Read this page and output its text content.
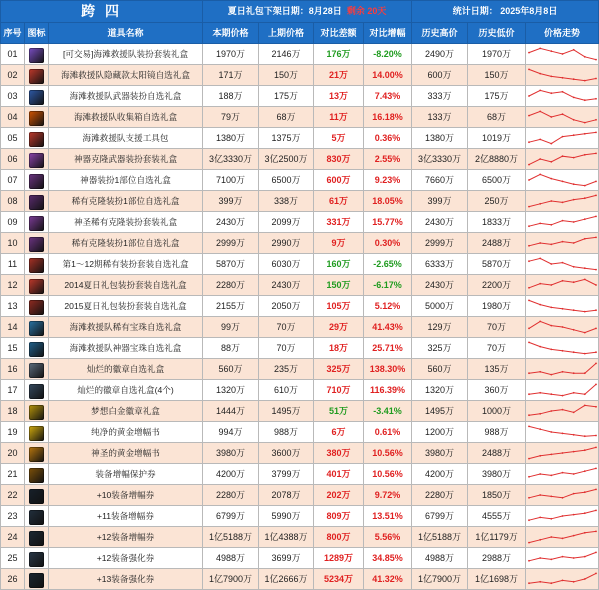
跨 四			夏日礼包下架日期：8月28日 剩余 20天				统计日期： 2025年8月8日		
序号	图标	道具名称	本期价格	上期价格	对比差额	对比增幅	历史高价	历史低价	价格走势
01		[可交易]海滩救援队装扮套装礼盒	1970万	2146万	176万	-8.20%	2490万	1970万	

02		海滩救援队隐藏款太阳镜自选礼盒	171万	150万	21万	14.00%	600万	150万	

03		海滩救援队武器装扮自选礼盒	188万	175万	13万	7.43%	333万	175万	

04		海滩救援队收集箱自选礼盒	79万	68万	11万	16.18%	133万	68万	

05		海滩救援队支援工具包	1380万	1375万	5万	0.36%	1380万	1019万	

06		神器克隆武器装扮套装礼盒	3亿3330万	3亿2500万	830万	2.55%	3亿3330万	2亿8880万	

07		神器装扮1部位自选礼盒	7100万	6500万	600万	9.23%	7660万	6500万	

08		稀有克隆装扮1部位自选礼盒	399万	338万	61万	18.05%	399万	250万	

09		神圣稀有克隆装扮套装礼盒	2430万	2099万	331万	15.77%	2430万	1833万	

10		稀有克隆装扮1部位自选礼盒	2999万	2990万	9万	0.30%	2999万	2488万	

11		第1～12期稀有装扮套装自选礼盒	5870万	6030万	160万	-2.65%	6333万	5870万	

12		2014夏日礼包装扮套装自选礼盒	2280万	2430万	150万	-6.17%	2430万	2200万	

13		2015夏日礼包装扮套装自选礼盒	2155万	2050万	105万	5.12%	5000万	1980万	

14		海滩救援队稀有宝珠自选礼盒	99万	70万	29万	41.43%	129万	70万	

15		海滩救援队神器宝珠自选礼盒	88万	70万	18万	25.71%	325万	70万	

16		灿烂的徽章自选礼盒	560万	235万	325万	138.30%	560万	135万	

17		灿烂的徽章自选礼盒(4个)	1320万	610万	710万	116.39%	1320万	360万	

18		梦想白金徽章礼盒	1444万	1495万	51万	-3.41%	1495万	1000万	

19		纯净的黄金增幅书	994万	988万	6万	0.61%	1200万	988万	

20		神圣的黄金增幅书	3980万	3600万	380万	10.56%	3980万	2488万	

21		装备增幅保护券	4200万	3799万	401万	10.56%	4200万	3980万	

22		+10装备增幅券	2280万	2078万	202万	9.72%	2280万	1850万	

23		+11装备增幅券	6799万	5990万	809万	13.51%	6799万	4555万	

24		+12装备增幅券	1亿5188万	1亿4388万	800万	5.56%	1亿5188万	1亿1179万	

25		+12装备强化券	4988万	3699万	1289万	34.85%	4988万	2988万	

26		+13装备强化券	1亿7900万	1亿2666万	5234万	41.32%	1亿7900万	1亿1698万	
